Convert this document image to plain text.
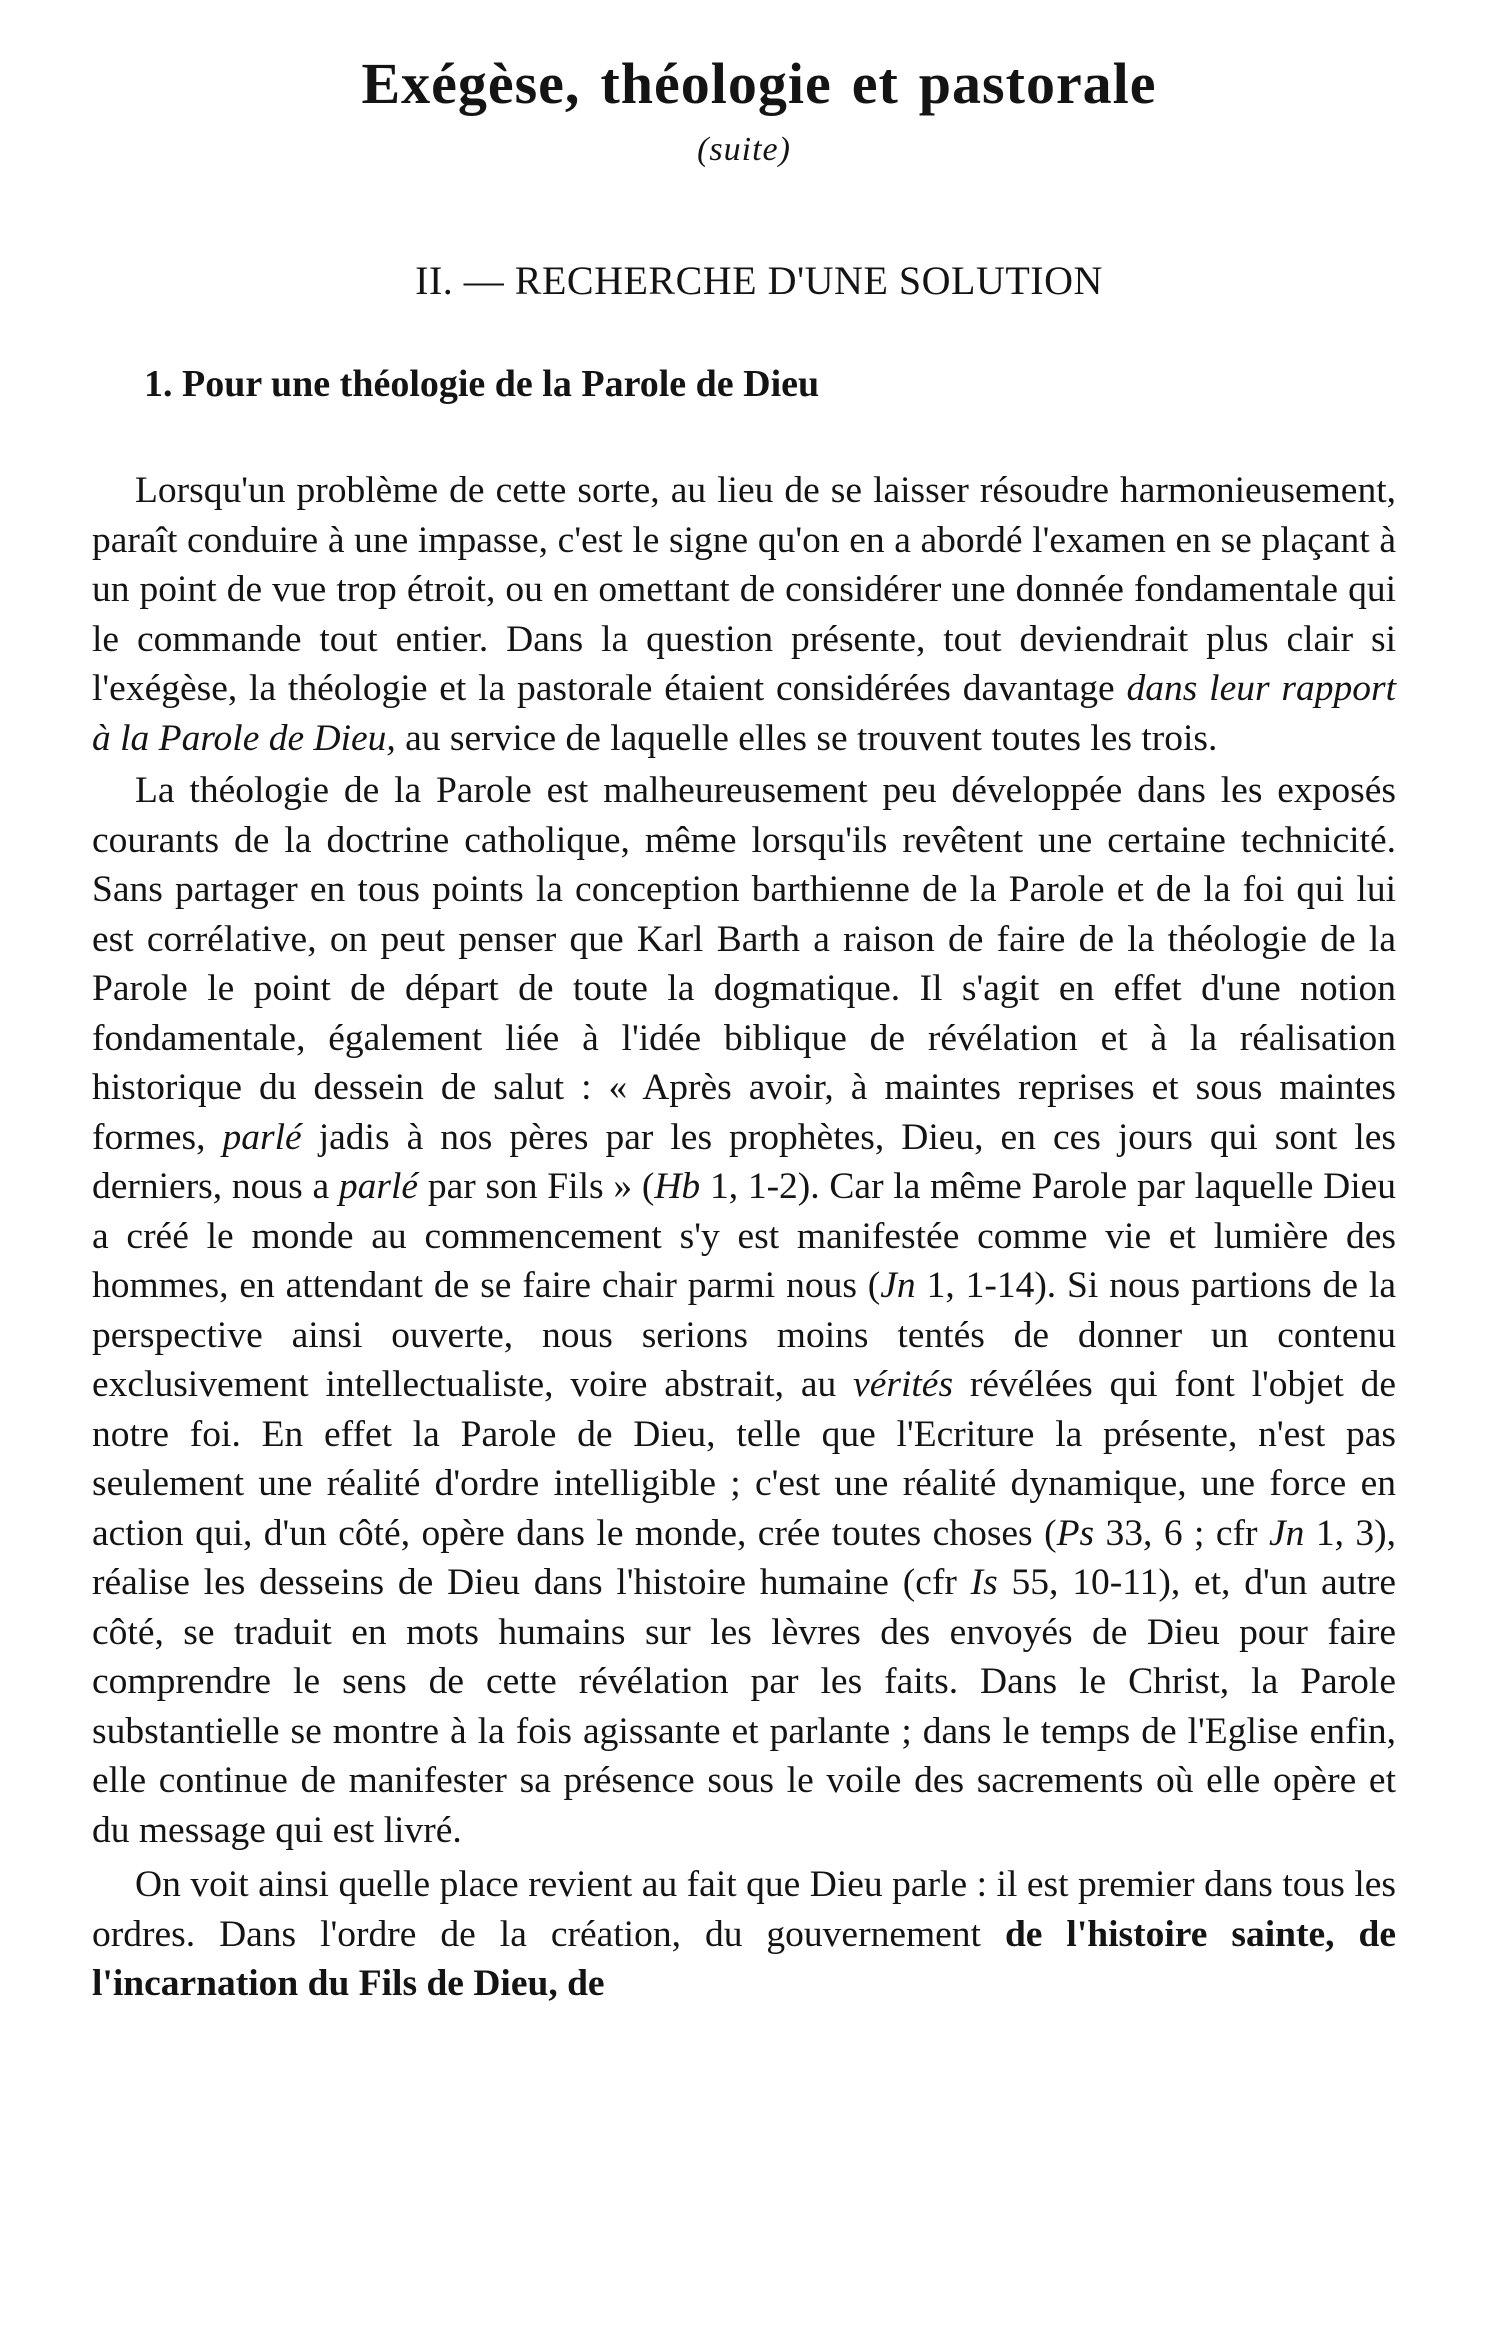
Exégèse, théologie et pastorale
(suite)
II. — RECHERCHE D'UNE SOLUTION
1. Pour une théologie de la Parole de Dieu

Lorsqu'un problème de cette sorte, au lieu de se laisser résoudre harmonieusement, paraît conduire à une impasse, c'est le signe qu'on en a abordé l'examen en se plaçant à un point de vue trop étroit, ou en omettant de considérer une donnée fondamentale qui le commande tout entier. Dans la question présente, tout deviendrait plus clair si l'exégèse, la théologie et la pastorale étaient considérées davantage dans leur rapport à la Parole de Dieu, au service de laquelle elles se trouvent toutes les trois.

La théologie de la Parole est malheureusement peu développée dans les exposés courants de la doctrine catholique, même lorsqu'ils revêtent une certaine technicité. Sans partager en tous points la conception barthienne de la Parole et de la foi qui lui est corrélative, on peut penser que Karl Barth a raison de faire de la théologie de la Parole le point de départ de toute la dogmatique. Il s'agit en effet d'une notion fondamentale, également liée à l'idée biblique de révélation et à la réalisation historique du dessein de salut : « Après avoir, à maintes reprises et sous maintes formes, parlé jadis à nos pères par les prophètes, Dieu, en ces jours qui sont les derniers, nous a parlé par son Fils » (Hb 1, 1-2). Car la même Parole par laquelle Dieu a créé le monde au commencement s'y est manifestée comme vie et lumière des hommes, en attendant de se faire chair parmi nous (Jn 1, 1-14). Si nous partions de la perspective ainsi ouverte, nous serions moins tentés de donner un contenu exclusivement intellectualiste, voire abstrait, au vérités révélées qui font l'objet de notre foi. En effet la Parole de Dieu, telle que l'Ecriture la présente, n'est pas seulement une réalité d'ordre intelligible ; c'est une réalité dynamique, une force en action qui, d'un côté, opère dans le monde, crée toutes choses (Ps 33, 6 ; cfr Jn 1, 3), réalise les desseins de Dieu dans l'histoire humaine (cfr Is 55, 10-11), et, d'un autre côté, se traduit en mots humains sur les lèvres des envoyés de Dieu pour faire comprendre le sens de cette révélation par les faits. Dans le Christ, la Parole substantielle se montre à la fois agissante et parlante ; dans le temps de l'Eglise enfin, elle continue de manifester sa présence sous le voile des sacrements où elle opère et du message qui est livré.

On voit ainsi quelle place revient au fait que Dieu parle : il est premier dans tous les ordres. Dans l'ordre de la création, du gouvernement de l'histoire sainte, de l'incarnation du Fils de Dieu, de
